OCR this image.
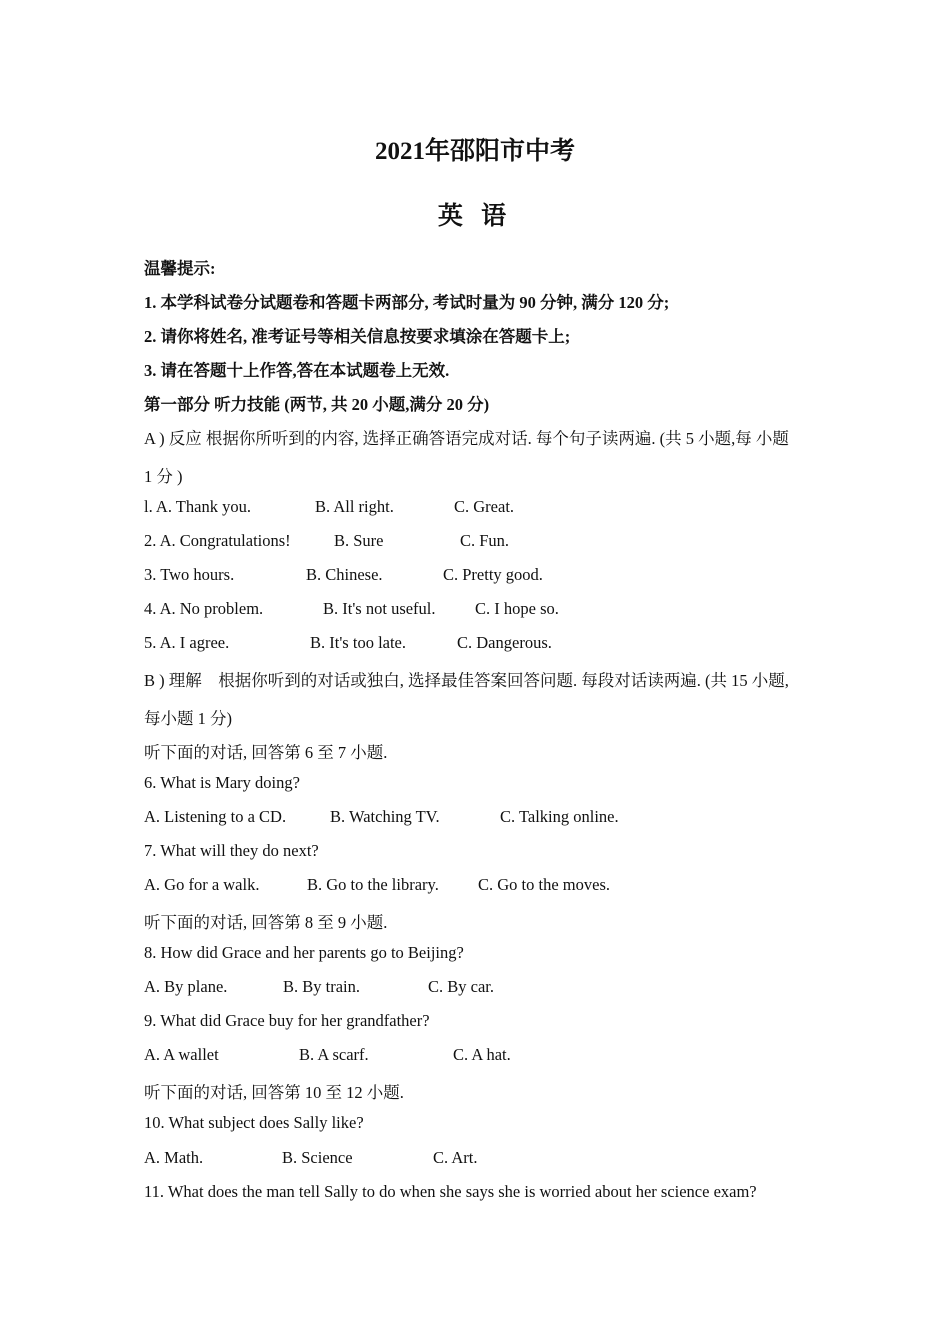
2021年邵阳市中考
英 语
温馨提示:
1. 本学科试卷分试题卷和答题卡两部分, 考试时量为 90 分钟, 满分 120 分;
2. 请你将姓名, 准考证号等相关信息按要求填涂在答题卡上;
3. 请在答题十上作答,答在本试题卷上无效.
第一部分 听力技能 (两节, 共 20 小题,满分 20 分)
A ) 反应 根据你所听到的内容, 选择正确答语完成对话. 每个句子读两遍. (共 5 小题,每 小题
1 分 )
l. A. Thank you.	B. All right.	C. Great.
2. A. Congratulations!	B. Sure	C. Fun.
3. Two hours.	B. Chinese.	C. Pretty good.
4. A. No problem.	B. It's not useful. C. I hope so.
5. A. I agree.	B. It's too late.	C. Dangerous.
B ) 理解　根据你听到的对话或独白, 选择最佳答案回答问题. 每段对话读两遍. (共 15 小题,
每小题 1 分)
听下面的对话, 回答第 6 至 7 小题.
6. What is Mary doing?
A. Listening to a CD.	B. Watching TV.	C. Talking online.
7. What will they do next?
A. Go for a walk.	B. Go to the library. C. Go to the moves.
听下面的对话, 回答第 8 至 9 小题.
8. How did Grace and her parents go to Beijing?
A. By plane.	B. By train.	C. By car.
9. What did Grace buy for her grandfather?
A. A wallet	B. A scarf.	C. A hat.
听下面的对话, 回答第 10 至 12 小题.
10. What subject does Sally like?
A. Math.	B. Science	C. Art.
11. What does the man tell Sally to do when she says she is worried about her science exam?
